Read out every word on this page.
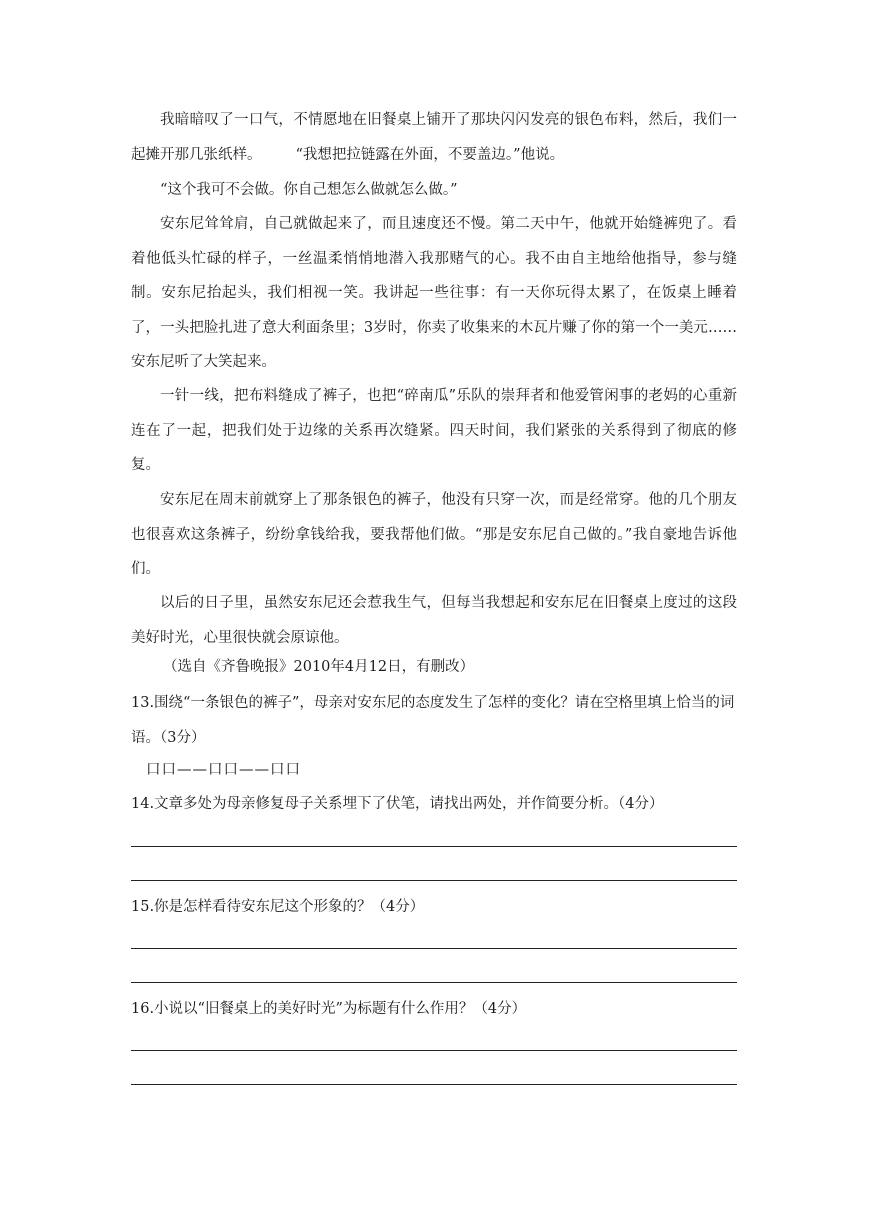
我暗暗叹了一口气，不情愿地在旧餐桌上铺开了那块闪闪发亮的银色布料，然后，我们一起摊开那几张纸样。 “我想把拉链露在外面，不要盖边。”他说。

“这个我可不会做。你自己想怎么做就怎么做。”

安东尼耸耸肩，自己就做起来了，而且速度还不慢。第二天中午，他就开始缝裤兜了。看着他低头忙碌的样子，一丝温柔悄悄地潜入我那赌气的心。我不由自主地给他指导，参与缝制。安东尼抬起头，我们相视一笑。我讲起一些往事：有一天你玩得太累了，在饭桌上睡着了，一头把脸扎进了意大利面条里；3岁时，你卖了收集来的木瓦片赚了你的第一个一美元……安东尼听了大笑起来。

一针一线，把布料缝成了裤子，也把“碎南瓜”乐队的崇拜者和他爱管闲事的老妈的心重新连在了一起，把我们处于边缘的关系再次缝紧。四天时间，我们紧张的关系得到了彻底的修复。

安东尼在周末前就穿上了那条银色的裤子，他没有只穿一次，而是经常穿。他的几个朋友也很喜欢这条裤子，纷纷拿钱给我，要我帮他们做。“那是安东尼自己做的。”我自豪地告诉他们。

以后的日子里，虽然安东尼还会惹我生气，但每当我想起和安东尼在旧餐桌上度过的这段美好时光，心里很快就会原谅他。

（选自《齐鲁晚报》2010年4月12日，有删改）

13.围绕“一条银色的裤子”，母亲对安东尼的态度发生了怎样的变化？请在空格里填上恰当的词语。（3分）

口口——口口——口口

14.文章多处为母亲修复母子关系埋下了伏笔，请找出两处，并作简要分析。（4分）

15.你是怎样看待安东尼这个形象的？（4分）

16.小说以“旧餐桌上的美好时光”为标题有什么作用？（4分）
